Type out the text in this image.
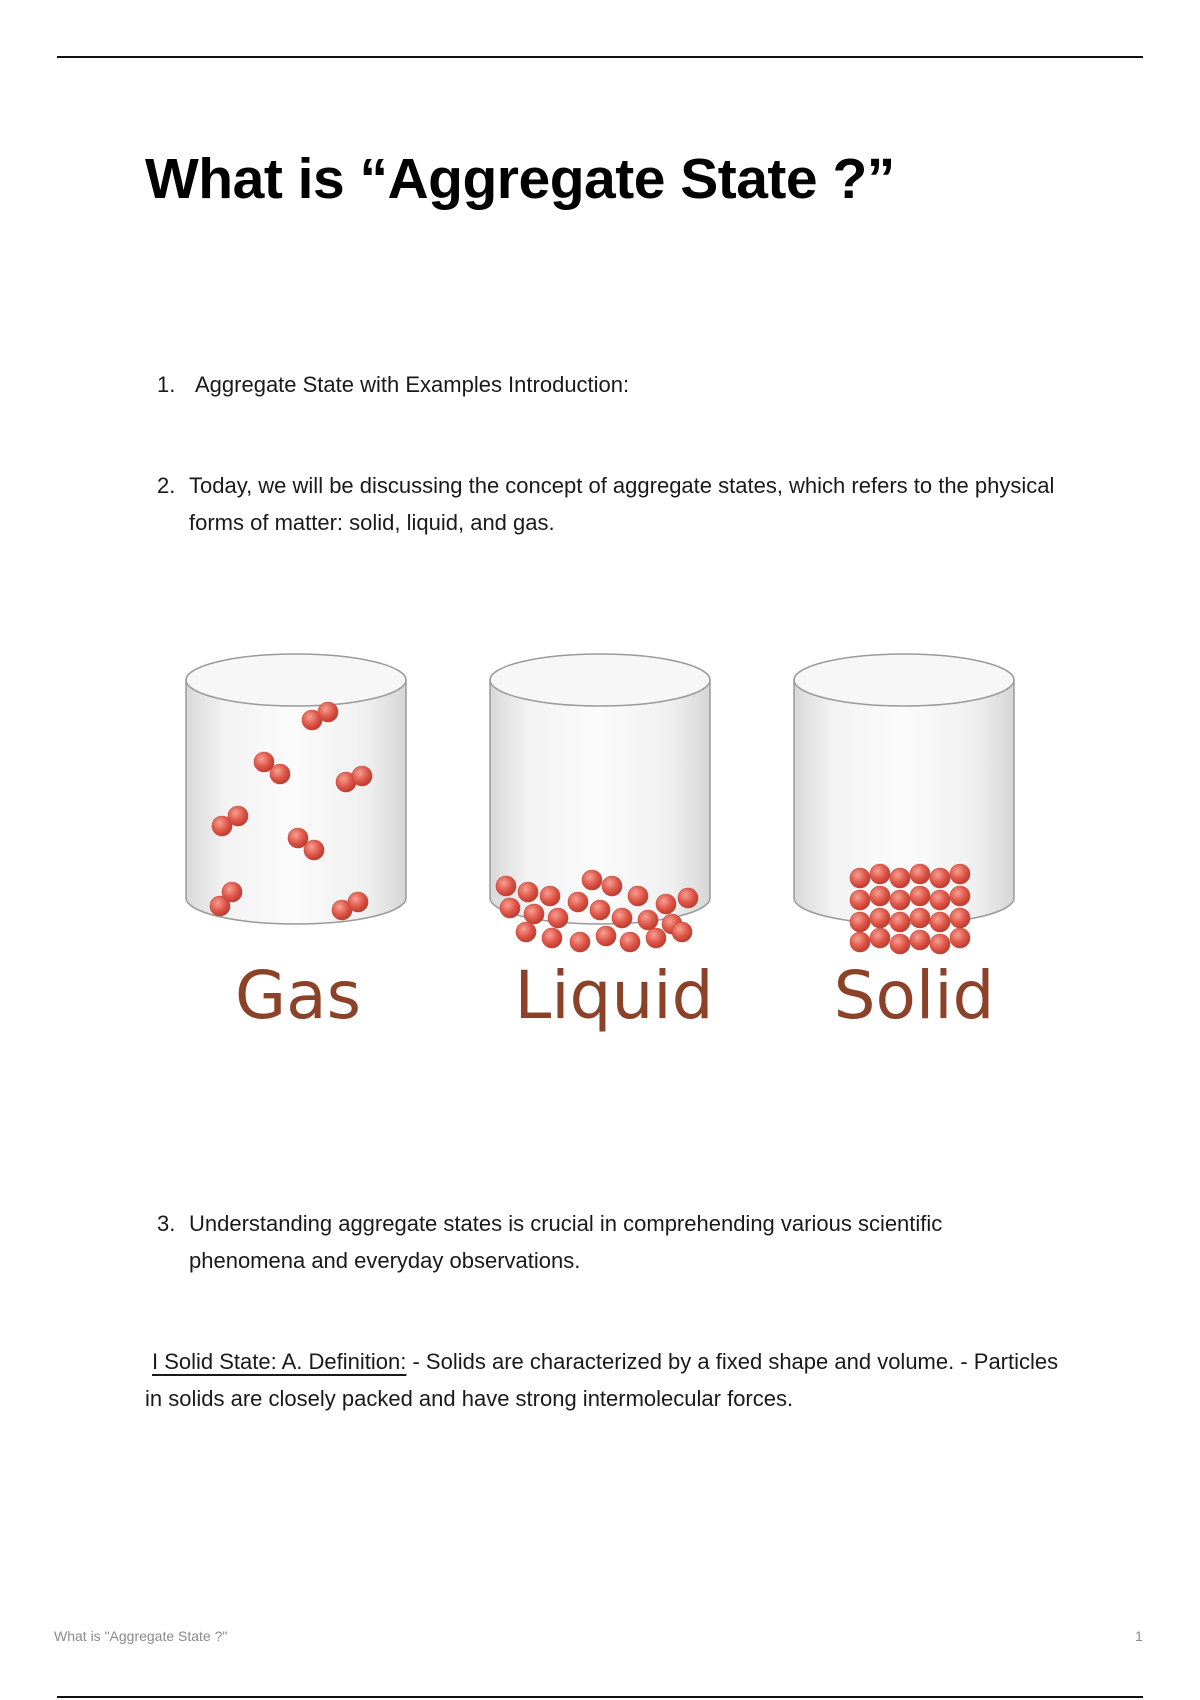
What is “Aggregate State ?”
1. Aggregate State with Examples Introduction:
2. Today, we will be discussing the concept of aggregate states, which refers to the physical forms of matter: solid, liquid, and gas.
Gas Liquid Solid
3. Understanding aggregate states is crucial in comprehending various scientific phenomena and everyday observations.
I Solid State: A. Definition: - Solids are characterized by a fixed shape and volume. - Particles in solids are closely packed and have strong intermolecular forces.
What is "Aggregate State ?"	1
